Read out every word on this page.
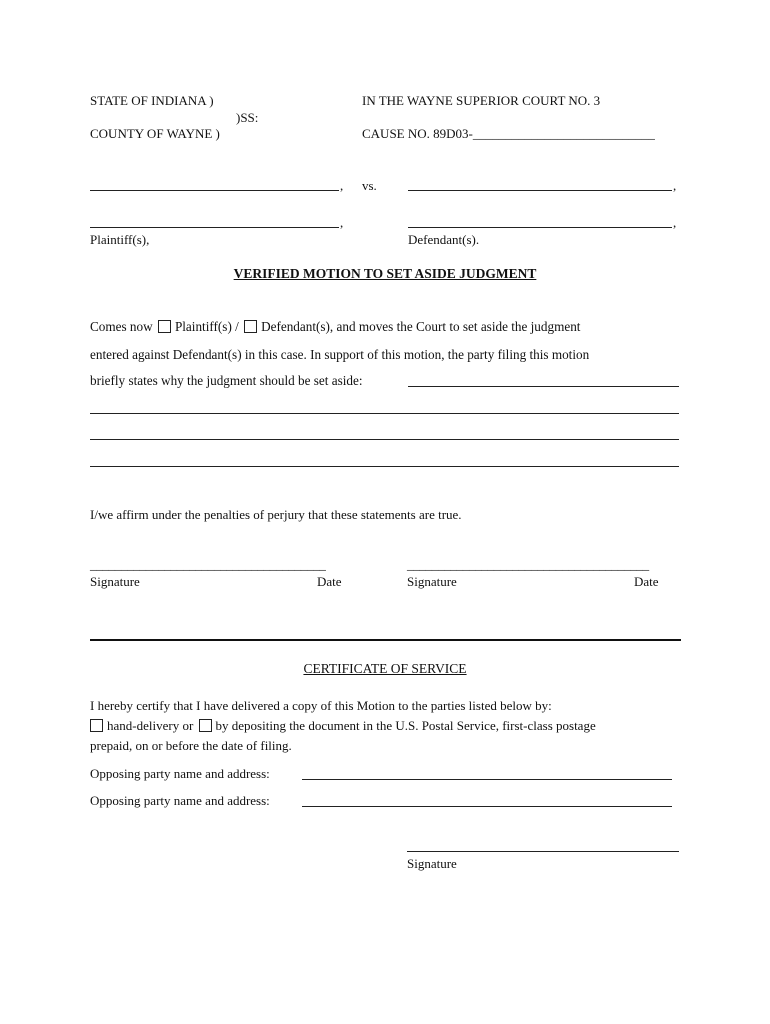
STATE OF INDIANA )
)SS:
COUNTY OF WAYNE )
IN THE WAYNE SUPERIOR COURT NO. 3
CAUSE NO. 89D03-____________________________
, vs.	,
,	,
Plaintiff(s),	Defendant(s).
VERIFIED MOTION TO SET ASIDE JUDGMENT
Comes now Plaintiff(s) / Defendant(s), and moves the Court to set aside the judgment
entered against Defendant(s) in this case. In support of this motion, the party filing this motion
briefly states why the judgment should be set aside:
I/we affirm under the penalties of perjury that these statements are true.
______________________________________	_______________________________________
Signature	Date	Signature	Date
CERTIFICATE OF SERVICE
I hereby certify that I have delivered a copy of this Motion to the parties listed below by:
hand-delivery or by depositing the document in the U.S. Postal Service, first-class postage
prepaid, on or before the date of filing.
Opposing party name and address:
Opposing party name and address:
Signature
